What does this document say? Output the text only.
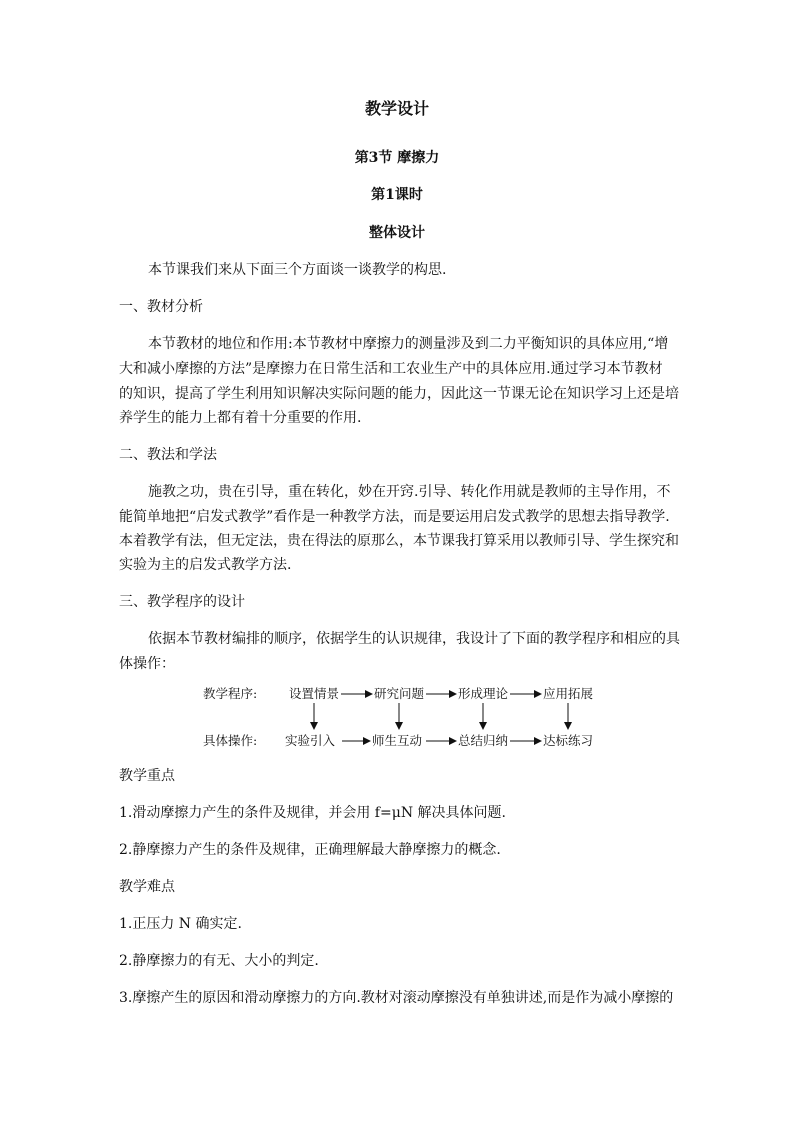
教学设计
第3节 摩擦力
第1课时
整体设计
本节课我们来从下面三个方面谈一谈教学的构思.
一、教材分析
本节教材的地位和作用:本节教材中摩擦力的测量涉及到二力平衡知识的具体应用,“增
大和减小摩擦的方法”是摩擦力在日常生活和工农业生产中的具体应用.通过学习本节教材
的知识，提高了学生利用知识解决实际问题的能力，因此这一节课无论在知识学习上还是培
养学生的能力上都有着十分重要的作用.
二、教法和学法
施教之功，贵在引导，重在转化，妙在开窍.引导、转化作用就是教师的主导作用，不
能简单地把“启发式教学”看作是一种教学方法，而是要运用启发式教学的思想去指导教学.
本着教学有法，但无定法，贵在得法的原那么，本节课我打算采用以教师引导、学生探究和
实验为主的启发式教学方法.
三、教学程序的设计
依据本节教材编排的顺序，依据学生的认识规律，我设计了下面的教学程序和相应的具
体操作：
教学程序:	设置情景	研究问题	形成理论	应用拓展
具体操作: 实验引入	师生互动	总结归纳	达标练习
教学重点
1.滑动摩擦力产生的条件及规律，并会用 f=μN 解决具体问题.
2.静摩擦力产生的条件及规律，正确理解最大静摩擦力的概念.
教学难点
1.正压力 N 确实定.
2.静摩擦力的有无、大小的判定.
3.摩擦产生的原因和滑动摩擦力的方向.教材对滚动摩擦没有单独讲述,而是作为减小摩擦的
